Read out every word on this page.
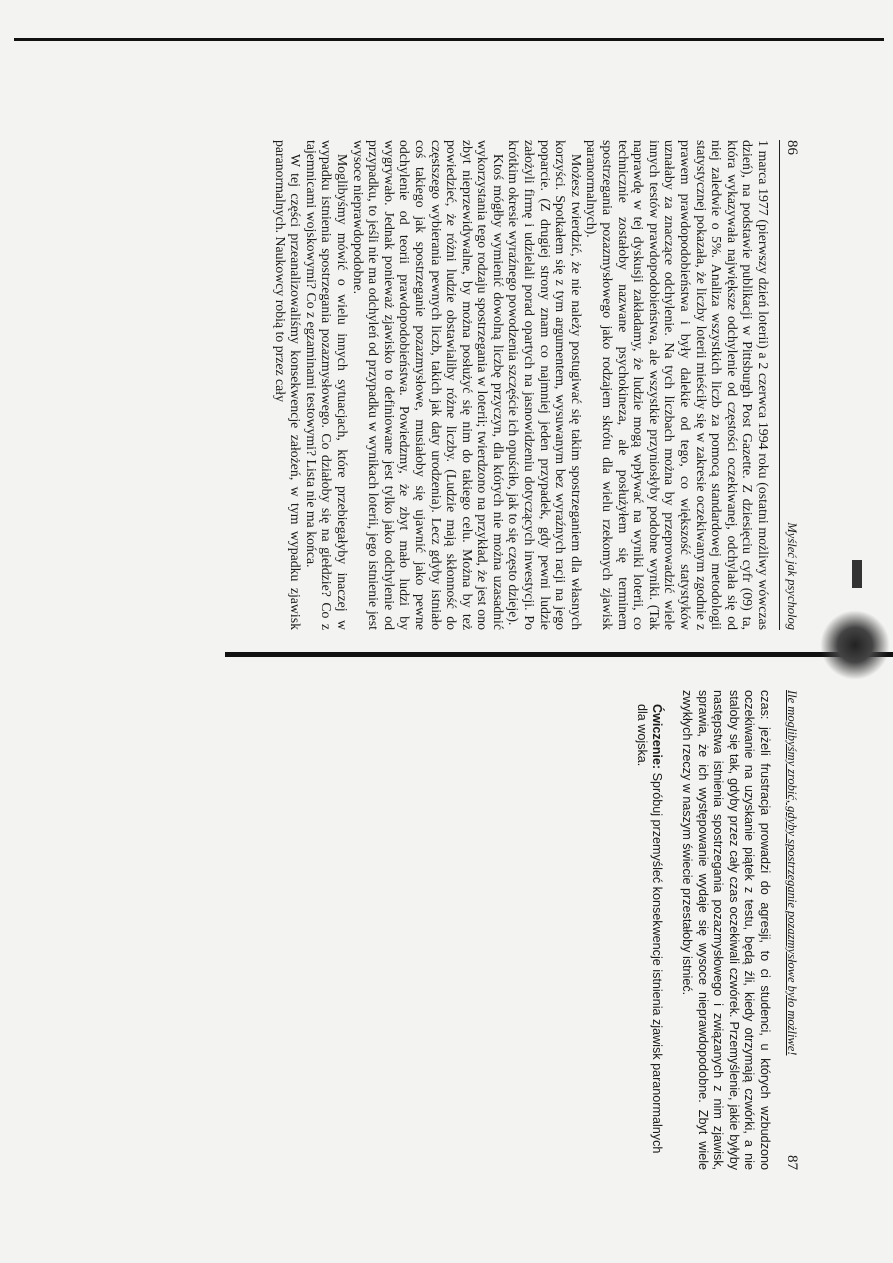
86
Myśleć jak psycholog

1 marca 1977 (pierwszy dzień loterii) a 2 czerwca 1994 roku (ostatni możliwy wówczas dzień), na podstawie publikacji w Pittsburgh Post Gazette. Z dziesięciu cyfr (09) ta, która wykazywała największe odchylenie od częstości oczekiwanej, odchylała się od niej zaledwie o 5%. Analiza wszystkich liczb za pomocą standardowej metodologii statystycznej pokazała, że liczby loterii mieściły się w zakresie oczekiwanym zgodnie z prawem prawdopodobieństwa i były dalekie od tego, co większość statystyków uznałaby za znaczące odchylenie. Na tych liczbach można by przeprowadzić wiele innych testów prawdopodobieństwa, ale wszystkie przyniosłyby podobne wyniki. (Tak naprawdę w tej dyskusji zakładamy, że ludzie mogą wpływać na wyniki loterii, co technicznie zostałoby nazwane psychokineza, ale posłużyłem się terminem spostrzegania pozazmysłowego jako rodzajem skrótu dla wielu rzekomych zjawisk paranormalnych).

Możesz twierdzić, że nie należy postugiwać się takim spostrzeganiem dla własnych korzyści. Spotkałem się z tym argumentem, wysuwanym bez wyraźnych racji na jego poparcie. (Z drugiej strony znam co najmniej jeden przypadek, gdy pewni ludzie założyli firmę i udzielali porad opartych na jasnowidzeniu dotyczących inwestycji. Po krótkim okresie wyraźnego powodzenia szczęście ich opuściło, jak to się często dzieje).

Ktoś mógłby wymienić dowolną liczbę przyczyn, dla których nie można uzasadnić wykorzystania tego rodzaju spostrzegania w loterii; twierdzono na przykład, że jest ono zbyt nieprzewidywalne, by można posłużyć się nim do takiego celu. Można by też powiedzieć, że różni ludzie obstawialiby różne liczby. (Ludzie mają skłonność do częstszego wybierania pewnych liczb, takich jak daty urodzenia). Lecz gdyby istniało coś takiego jak spostrzeganie pozazmysłowe, musiałoby się ujawnić jako pewne odchylenie od teorii prawdopodobieństwa. Powiedzmy, że zbyt mało ludzi by wygrywało. Jednak ponieważ zjawisko to definiowane jest tylko jako odchylenie od przypadku, to jeśli nie ma odchyleń od przypadku w wynikach loterii, jego istnienie jest wysoce nieprawdopodobne.

Moglibyśmy mówić o wielu innych sytuacjach, które przebiegałyby inaczej w wypadku istnienia spostrzegania pozazmysłowego. Co działoby się na giełdzie? Co z tajemnicami wojskowymi? Co z egzaminami testowymi? Lista nie ma końca.

W tej części przeanalizowaliśmy konsekwencje założeń, w tym wypadku zjawisk paranormalnych. Naukowcy robią to przez cały

Ile moglibyśmy zrobić, gdyby spostrzeganie pozazmysłowe było możliwe!
87

czas: jeżeli frustracja prowadzi do agresji, to ci studenci, u których wzbudzono oczekiwanie na uzyskanie piątek z testu, będą źli, kiedy otrzymają czwórki, a nie staloby się tak, gdyby przez cały czas oczekiwali czwórek. Przemyślenie, jakie byłyby następstwa istnienia spostrzegania pozazmysłowego i związanych z nim zjawisk, sprawia, że ich występowanie wydaje się wysoce nieprawdopodobne. Zbyt wiele zwykłych rzeczy w naszym świecie przestałoby istnieć.

Ćwiczenie: Spróbuj przemyśleć konsekwencje istnienia zjawisk paranormalnych dla wojska.
